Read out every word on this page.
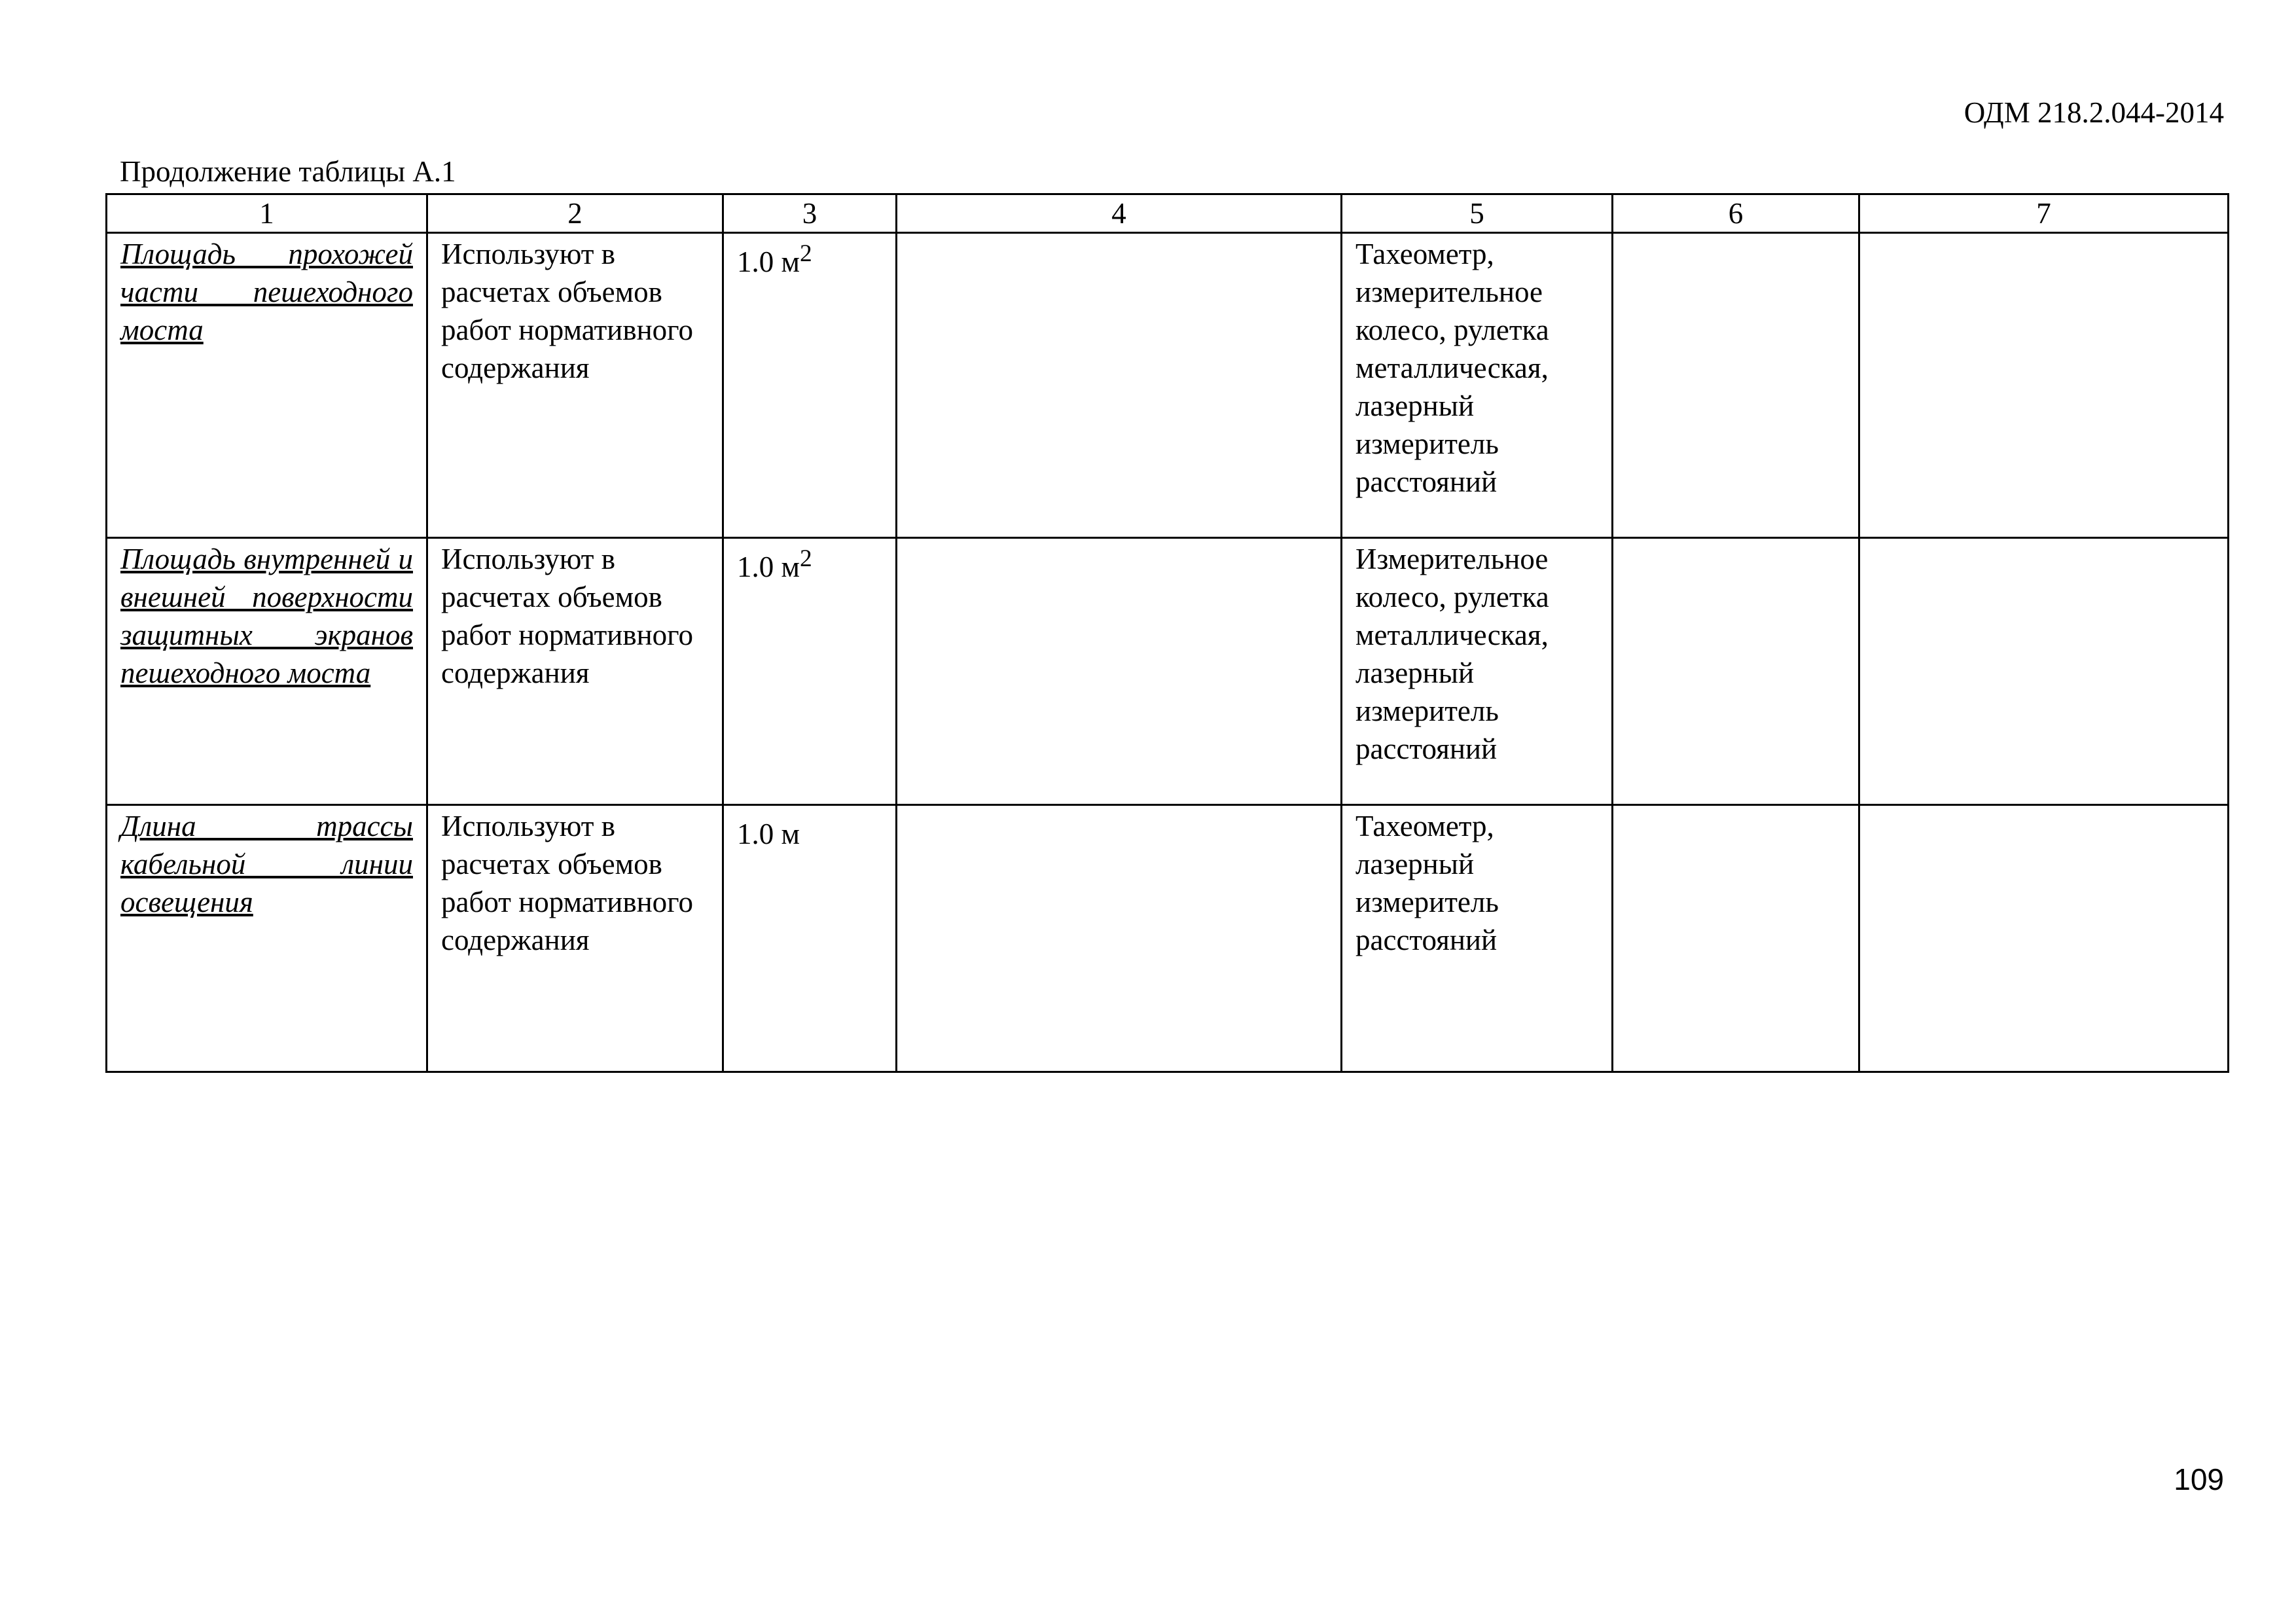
ОДМ 218.2.044-2014
Продолжение таблицы А.1
1	2	3	4	5	6	7

Площадь прохожей части пешеходного моста	Используют в расчетах объемов работ нормативного содержания	1.0 $м^2$		Тахеометр, измерительное колесо, рулетка металлическая, лазерный измеритель расстояний		

Площадь внутренней и внешней поверхности защитных экранов пешеходного моста	Используют в расчетах объемов работ нормативного содержания	1.0 $м^2$		Измерительное колесо, рулетка металлическая, лазерный измеритель расстояний		

Длина трассы кабельной линии освещения	Используют в расчетах объемов работ нормативного содержания	1.0 м		Тахеометр, лазерный измеритель расстояний		

109
